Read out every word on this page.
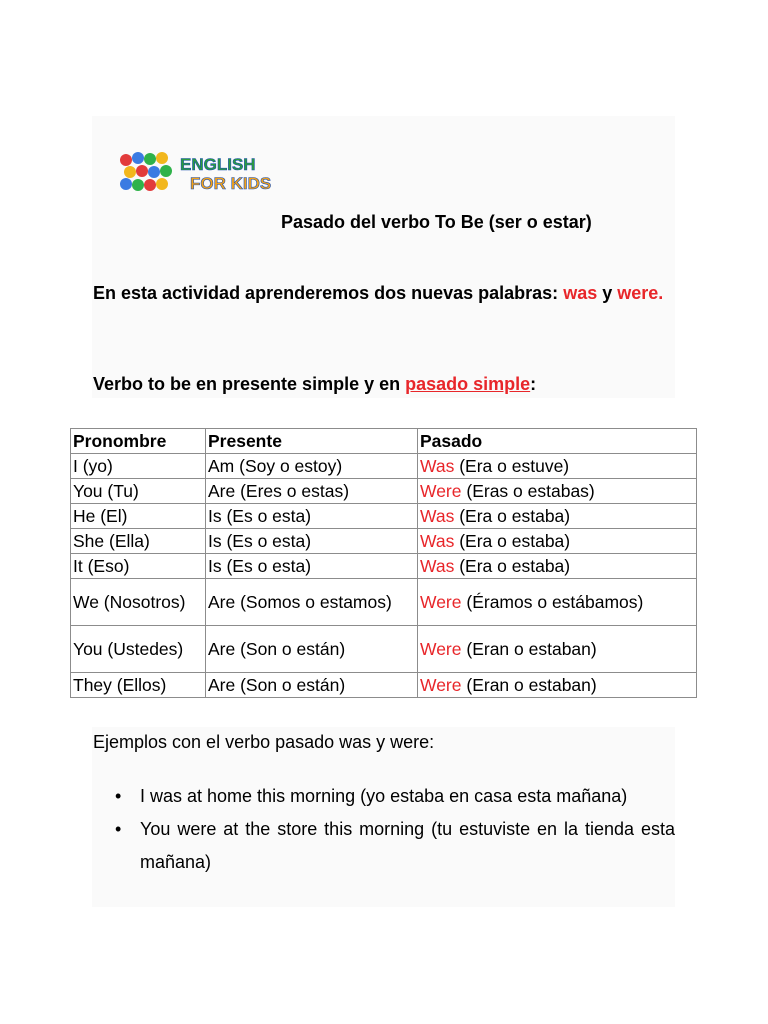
ENGLISH
FOR KIDS
Pasado del verbo To Be (ser o estar)
En esta actividad aprenderemos dos nuevas palabras: was y were.
Verbo to be en presente simple y en pasado simple:
Pronombre	Presente	Pasado
I (yo)	Am (Soy o estoy)	Was (Era o estuve)
You (Tu)	Are (Eres o estas)	Were (Eras o estabas)
He (El)	Is (Es o esta)	Was (Era o estaba)
She (Ella)	Is (Es o esta)	Was (Era o estaba)
It (Eso)	Is (Es o esta)	Was (Era o estaba)
We (Nosotros)	Are (Somos o estamos)	Were (Éramos o estábamos)
You (Ustedes)	Are (Son o están)	Were (Eran o estaban)
They (Ellos)	Are (Son o están)	Were (Eran o estaban)
Ejemplos con el verbo pasado was y were:
• I was at home this morning (yo estaba en casa esta mañana)
• You were at the store this morning (tu estuviste en la tienda esta mañana)
